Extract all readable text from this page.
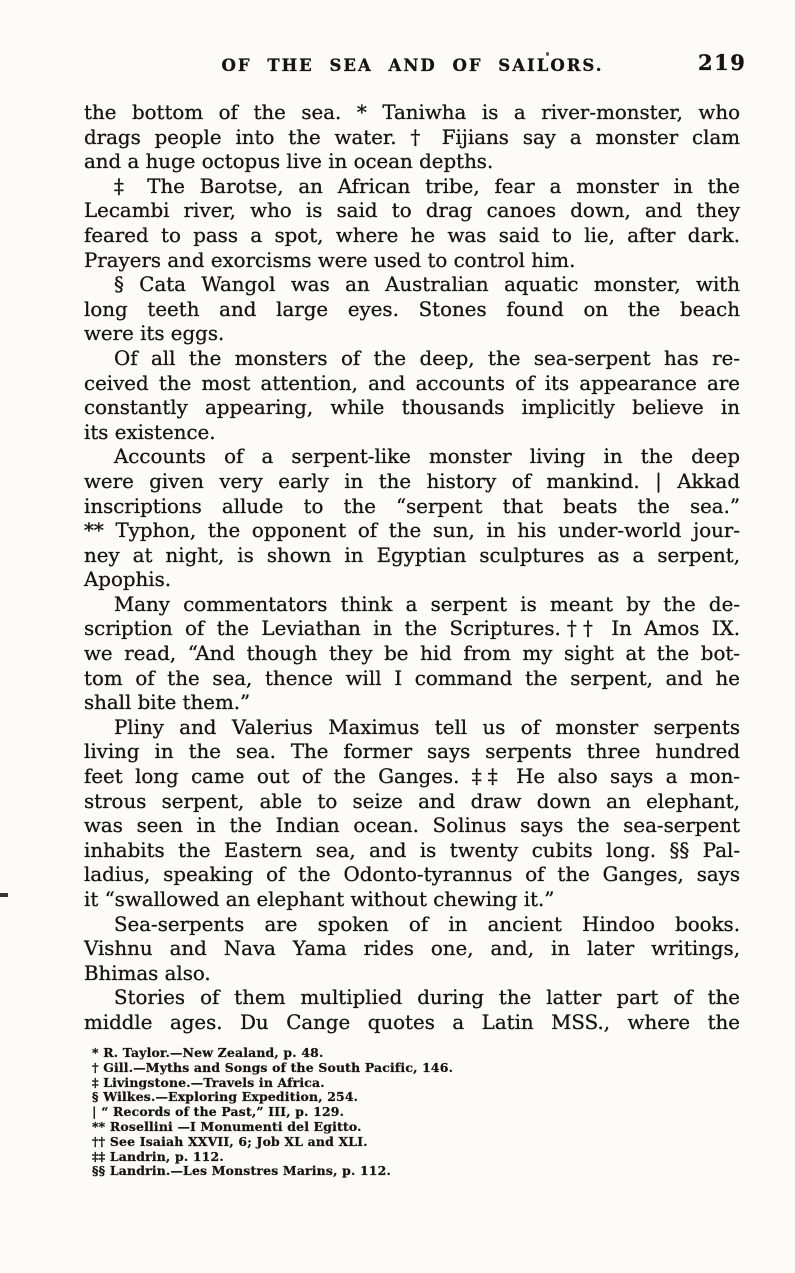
OF THE SEA AND OF SAILORS.	219
the bottom of the sea. * Taniwha is a river-monster, who
drags people into the water. † Fijians say a monster clam
and a huge octopus live in ocean depths.
‡ The Barotse, an African tribe, fear a monster in the
Lecambi river, who is said to drag canoes down, and they
feared to pass a spot, where he was said to lie, after dark.
Prayers and exorcisms were used to control him.
§ Cata Wangol was an Australian aquatic monster, with
long teeth and large eyes. Stones found on the beach
were its eggs.
Of all the monsters of the deep, the sea-serpent has re-
ceived the most attention, and accounts of its appearance are
constantly appearing, while thousands implicitly believe in
its existence.
Accounts of a serpent-like monster living in the deep
were given very early in the history of mankind. | Akkad
inscriptions allude to the “serpent that beats the sea.”
** Typhon, the opponent of the sun, in his under-world jour-
ney at night, is shown in Egyptian sculptures as a serpent,
Apophis.
Many commentators think a serpent is meant by the de-
scription of the Leviathan in the Scriptures.†† In Amos IX.
we read, “And though they be hid from my sight at the bot-
tom of the sea, thence will I command the serpent, and he
shall bite them.”
Pliny and Valerius Maximus tell us of monster serpents
living in the sea. The former says serpents three hundred
feet long came out of the Ganges. ‡‡ He also says a mon-
strous serpent, able to seize and draw down an elephant,
was seen in the Indian ocean. Solinus says the sea-serpent
inhabits the Eastern sea, and is twenty cubits long. §§ Pal-
ladius, speaking of the Odonto-tyrannus of the Ganges, says
it “swallowed an elephant without chewing it.”
Sea-serpents are spoken of in ancient Hindoo books.
Vishnu and Nava Yama rides one, and, in later writings,
Bhimas also.
Stories of them multiplied during the latter part of the
middle ages. Du Cange quotes a Latin MSS., where the
* R. Taylor.—New Zealand, p. 48.
† Gill.—Myths and Songs of the South Pacific, 146.
‡ Livingstone.—Travels in Africa.
§ Wilkes.—Exploring Expedition, 254.
| “ Records of the Past,” III, p. 129.
** Rosellini —I Monumenti del Egitto.
†† See Isaiah XXVII, 6; Job XL and XLI.
‡‡ Landrin, p. 112.
§§ Landrin.—Les Monstres Marins, p. 112.
